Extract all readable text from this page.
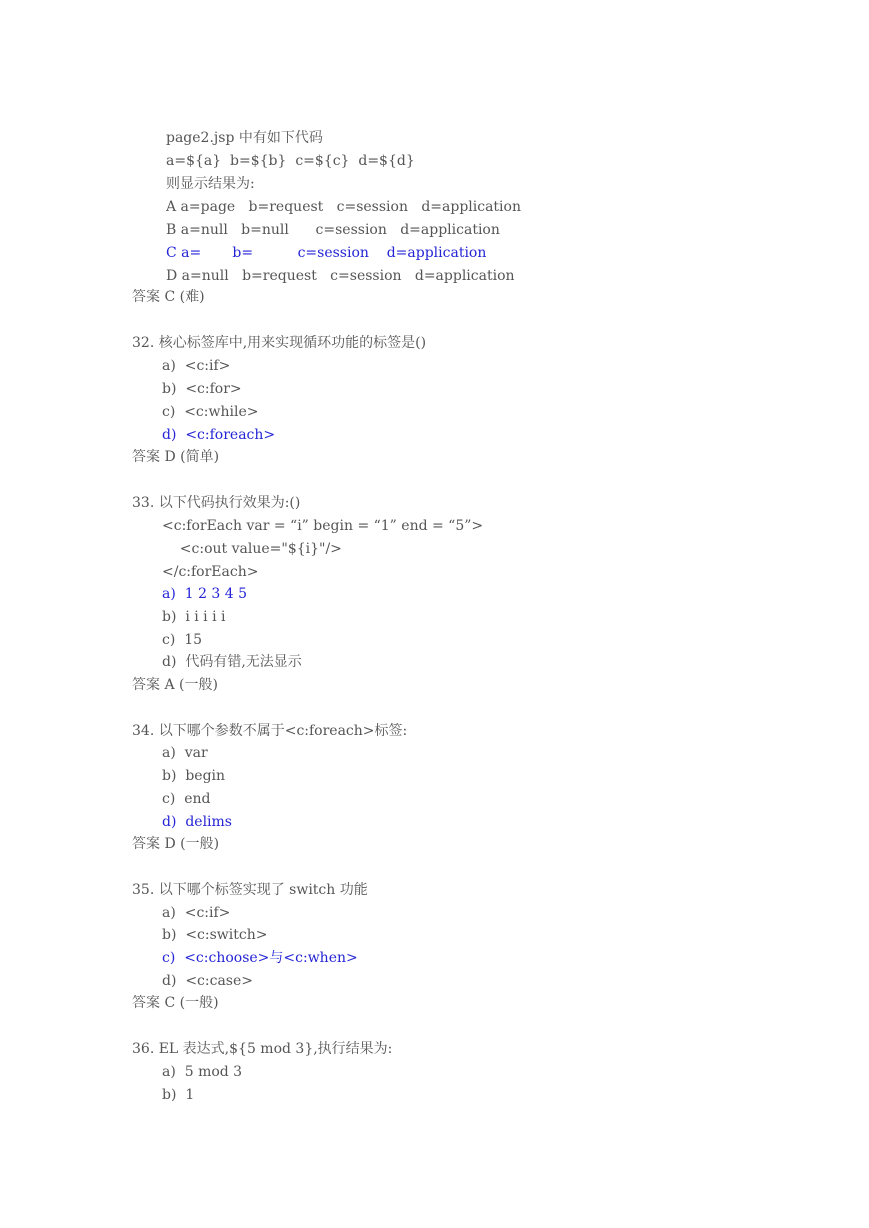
page2.jsp 中有如下代码
a=${a}  b=${b}  c=${c}  d=${d}
则显示结果为:
A a=page   b=request   c=session   d=application
B a=null   b=null      c=session   d=application
C a=       b=          c=session    d=application
D a=null   b=request   c=session   d=application
答案 C (难)
32. 核心标签库中,用来实现循环功能的标签是()
a)  <c:if>
b)  <c:for>
c)  <c:while>
d)  <c:foreach>
答案 D (简单)
33. 以下代码执行效果为:()
<c:forEach var = “i” begin = “1” end = “5”>
<c:out value="${i}"/>
</c:forEach>
a)  1 2 3 4 5
b)  i i i i i
c)  15
d)  代码有错,无法显示
答案 A (一般)
34. 以下哪个参数不属于<c:foreach>标签:
a)  var
b)  begin
c)  end
d)  delims
答案 D (一般)
35. 以下哪个标签实现了 switch 功能
a)  <c:if>
b)  <c:switch>
c)  <c:choose>与<c:when>
d)  <c:case>
答案 C (一般)
36. EL 表达式,${5 mod 3},执行结果为:
a)  5 mod 3
b)  1
